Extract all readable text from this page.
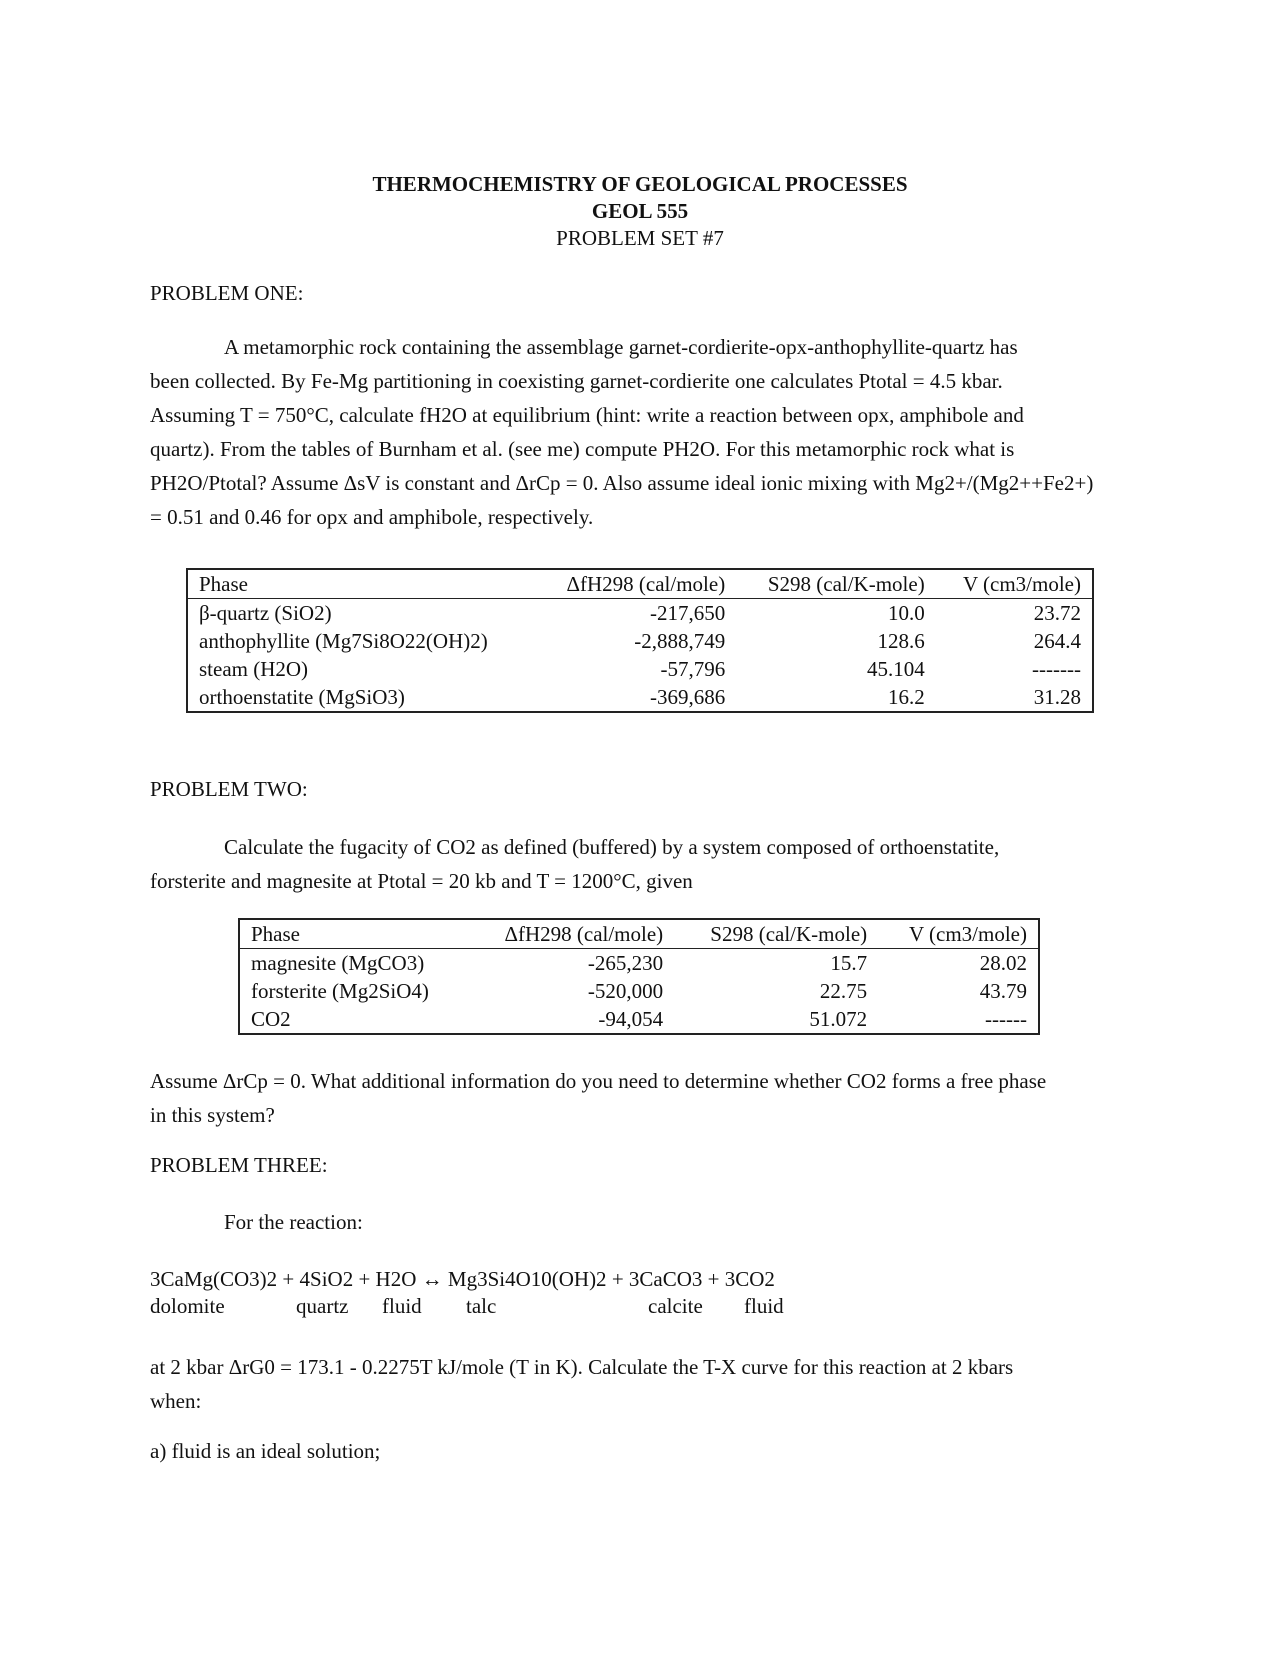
THERMOCHEMISTRY OF GEOLOGICAL PROCESSES
GEOL 555
PROBLEM SET #7
PROBLEM ONE:

A metamorphic rock containing the assemblage garnet-cordierite-opx-anthophyllite-quartz has

been collected. By Fe-Mg partitioning in coexisting garnet-cordierite one calculates Ptotal = 4.5 kbar.

Assuming T = 750°C, calculate fH2O at equilibrium (hint: write a reaction between opx, amphibole and

quartz). From the tables of Burnham et al. (see me) compute PH2O. For this metamorphic rock what is

PH2O/Ptotal? Assume ΔsV is constant and ΔrCp = 0. Also assume ideal ionic mixing with Mg2+/(Mg2++Fe2+)

= 0.51 and 0.46 for opx and amphibole, respectively.

Phase	ΔfH298 (cal/mole)	S298 (cal/K-mole)	V (cm3/mole)
β-quartz (SiO2)	-217,650	10.0	23.72
anthophyllite (Mg7Si8O22(OH)2)	-2,888,749	128.6	264.4
steam (H2O)	-57,796	45.104	-------
orthoenstatite (MgSiO3)	-369,686	16.2	31.28
PROBLEM TWO:

Calculate the fugacity of CO2 as defined (buffered) by a system composed of orthoenstatite,

forsterite and magnesite at Ptotal = 20 kb and T = 1200°C, given

Phase	ΔfH298 (cal/mole)	S298 (cal/K-mole)	V (cm3/mole)
magnesite (MgCO3)	-265,230	15.7	28.02
forsterite (Mg2SiO4)	-520,000	22.75	43.79
CO2	-94,054	51.072	------

Assume ΔrCp = 0. What additional information do you need to determine whether CO2 forms a free phase

in this system?

PROBLEM THREE:
For the reaction:
3CaMg(CO3)2 + 4SiO2 + H2O ↔ Mg3Si4O10(OH)2 + 3CaCO3 + 3CO2
dolomite	quartz fluid talc	calcite fluid

at 2 kbar ΔrG0 = 173.1 - 0.2275T kJ/mole (T in K). Calculate the T-X curve for this reaction at 2 kbars

when:

a) fluid is an ideal solution;
